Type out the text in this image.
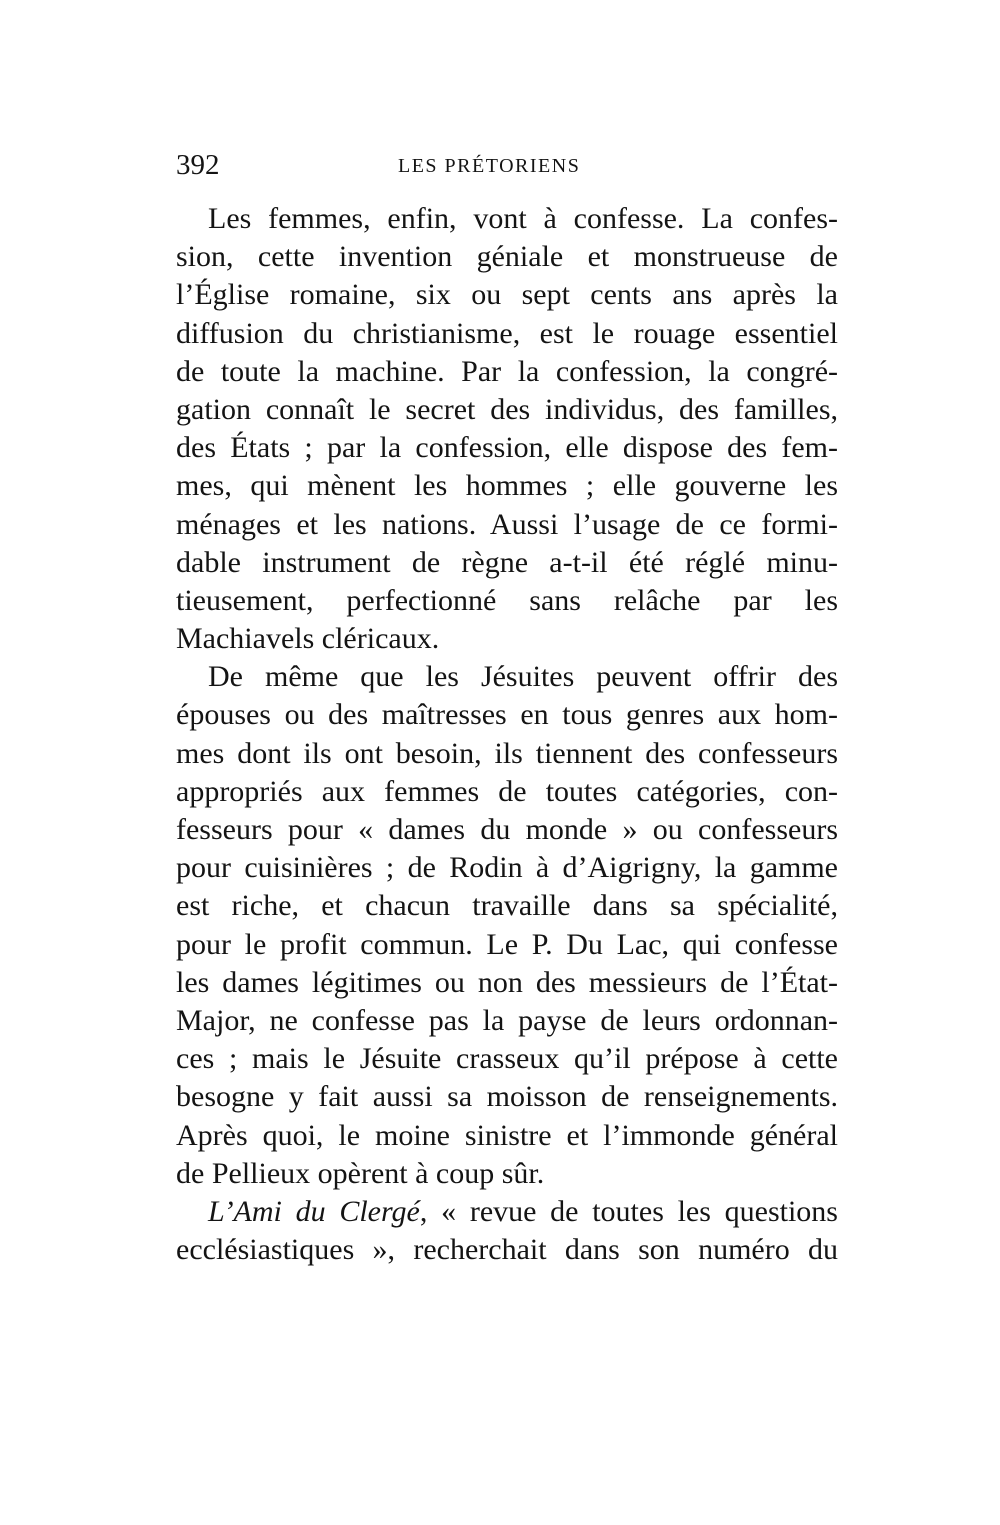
392	LES PRÉTORIENS
Les femmes, enfin, vont à confesse. La confes-
sion, cette invention géniale et monstrueuse de
l’Église romaine, six ou sept cents ans après la
diffusion du christianisme, est le rouage essentiel
de toute la machine. Par la confession, la congré-
gation connaît le secret des individus, des familles,
des États ; par la confession, elle dispose des fem-
mes, qui mènent les hommes ; elle gouverne les
ménages et les nations. Aussi l’usage de ce formi-
dable instrument de règne a-t-il été réglé minu-
tieusement, perfectionné sans relâche par les
Machiavels cléricaux.
De même que les Jésuites peuvent offrir des
épouses ou des maîtresses en tous genres aux hom-
mes dont ils ont besoin, ils tiennent des confesseurs
appropriés aux femmes de toutes catégories, con-
fesseurs pour « dames du monde » ou confesseurs
pour cuisinières ; de Rodin à d’Aigrigny, la gamme
est riche, et chacun travaille dans sa spécialité,
pour le profit commun. Le P. Du Lac, qui confesse
les dames légitimes ou non des messieurs de l’État-
Major, ne confesse pas la payse de leurs ordonnan-
ces ; mais le Jésuite crasseux qu’il prépose à cette
besogne y fait aussi sa moisson de renseignements.
Après quoi, le moine sinistre et l’immonde général
de Pellieux opèrent à coup sûr.
L’Ami du Clergé, « revue de toutes les questions
ecclésiastiques », recherchait dans son numéro du
